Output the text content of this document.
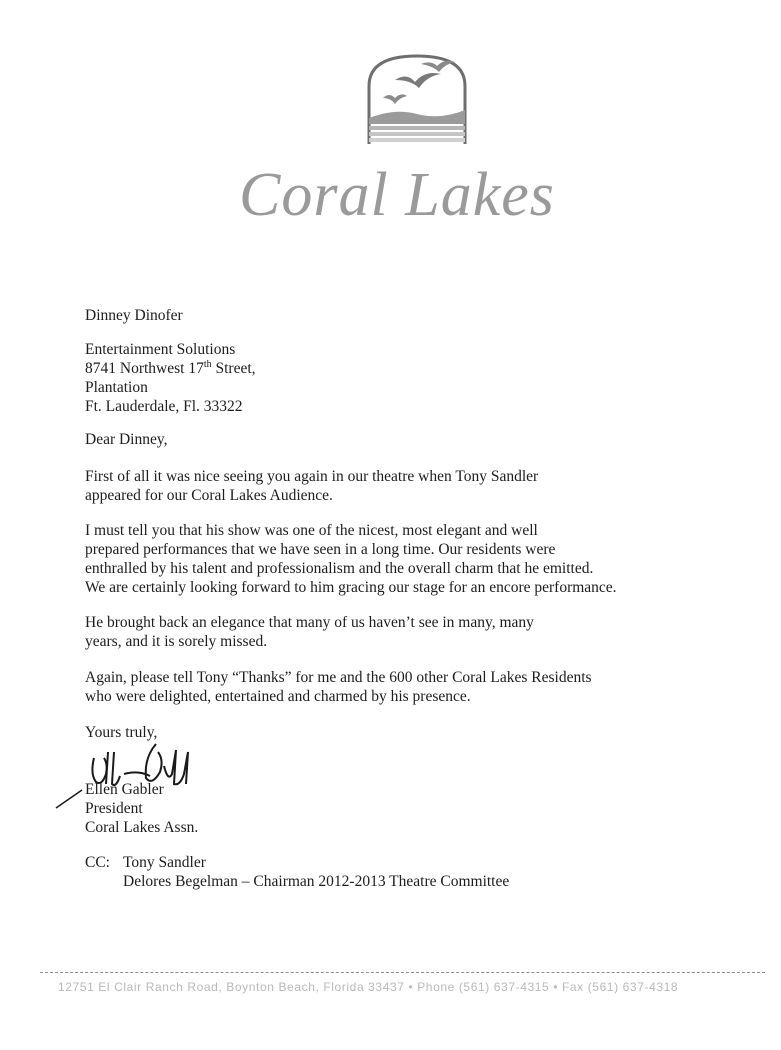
Coral Lakes

Dinney Dinofer

Entertainment Solutions

8741 Northwest 17th Street,

Plantation

Ft. Lauderdale, Fl. 33322

Dear Dinney,

First of all it was nice seeing you again in our theatre when Tony Sandler

appeared for our Coral Lakes Audience.

I must tell you that his show was one of the nicest, most elegant and well

prepared performances that we have seen in a long time. Our residents were

enthralled by his talent and professionalism and the overall charm that he emitted.

We are certainly looking forward to him gracing our stage for an encore performance.

He brought back an elegance that many of us haven’t see in many, many

years, and it is sorely missed.

Again, please tell Tony “Thanks” for me and the 600 other Coral Lakes Residents

who were delighted, entertained and charmed by his presence.

Yours truly,

Ellen Gabler

President

Coral Lakes Assn.

CC: Tony Sandler
Delores Begelman – Chairman 2012-2013 Theatre Committee
12751 El Clair Ranch Road, Boynton Beach, Florida 33437 • Phone (561) 637-4315 • Fax (561) 637-4318
